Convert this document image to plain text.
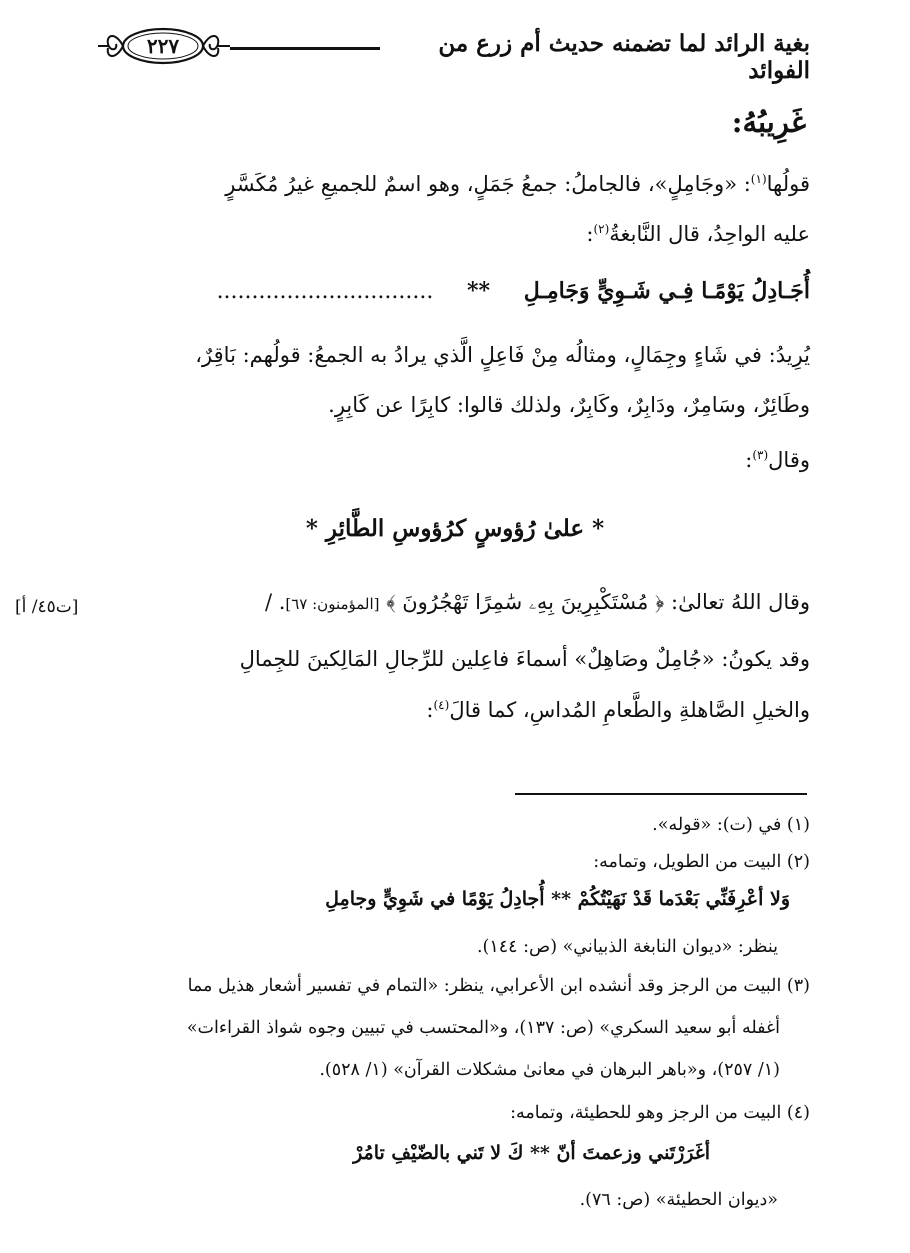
بغية الرائد لما تضمنه حديث أم زرع من الفوائد
٢٢٧
غَرِيبُهُ:
قولُها$^{(١)}$: «وجَامِلٍ»، فالجاملُ: جمعُ جَمَلٍ، وهو اسمٌ للجميعِ غيرُ مُكَسَّرٍ
عليه الواحِدُ، قال النَّابغةُ$^{(٢)}$:
أُجَـادِلُ يَوْمًـا فِـي شَـوِيٍّ وَجَامِـلِ ** ...............................
يُرِيدُ: في شَاءٍ وجِمَالٍ، ومثالُه مِنْ فَاعِلٍ الَّذي يرادُ به الجمعُ: قولُهم: بَاقِرٌ،
وطَائِرٌ، وسَامِرٌ، ودَابِرٌ، وكَابِرٌ، ولذلك قالوا: كابِرًا عن كَابِرٍ.
وقال$^{(٣)}$:
* علىٰ رُؤوسٍ كرُؤوسِ الطَّائِرِ *
وقال اللهُ تعالىٰ: ﴿ مُسْتَكْبِرِينَ بِهِۦ سَٰمِرًا تَهْجُرُونَ ﴾ [المؤمنون: ٦٧]. /
[ت٤٥/ أ]
وقد يكونُ: «جُامِلٌ وصَاهِلٌ» أسماءَ فاعِلين للرِّجالِ المَالِكينَ للجِمالِ
والخيلِ الصَّاهلةِ والطَّعامِ المُداسِ، كما قالَ$^{(٤)}$:
(١) في (ت): «قوله».
(٢) البيت من الطويل، وتمامه:
وَلا أعْرِفَنِّي بَعْدَما قَدْ نَهَيْتُكُمْ ** أُجادِلُ يَوْمًا في شَوِيٍّ وجامِلِ
ينظر: «ديوان النابغة الذبياني» (ص: ١٤٤).
(٣) البيت من الرجز وقد أنشده ابن الأعرابي، ينظر: «التمام في تفسير أشعار هذيل مما
أغفله أبو سعيد السكري» (ص: ١٣٧)، و«المحتسب في تبيين وجوه شواذ القراءات»
(١/ ٢٥٧)، و«باهر البرهان في معانىٰ مشكلات القرآن» (١/ ٥٢٨).
(٤) البيت من الرجز وهو للحطيئة، وتمامه:
أغَرَرْتَني وزعمتَ أنّ ** كَ لا تَني بالضّيْفِ تامُرْ
«ديوان الحطيئة» (ص: ٧٦).
